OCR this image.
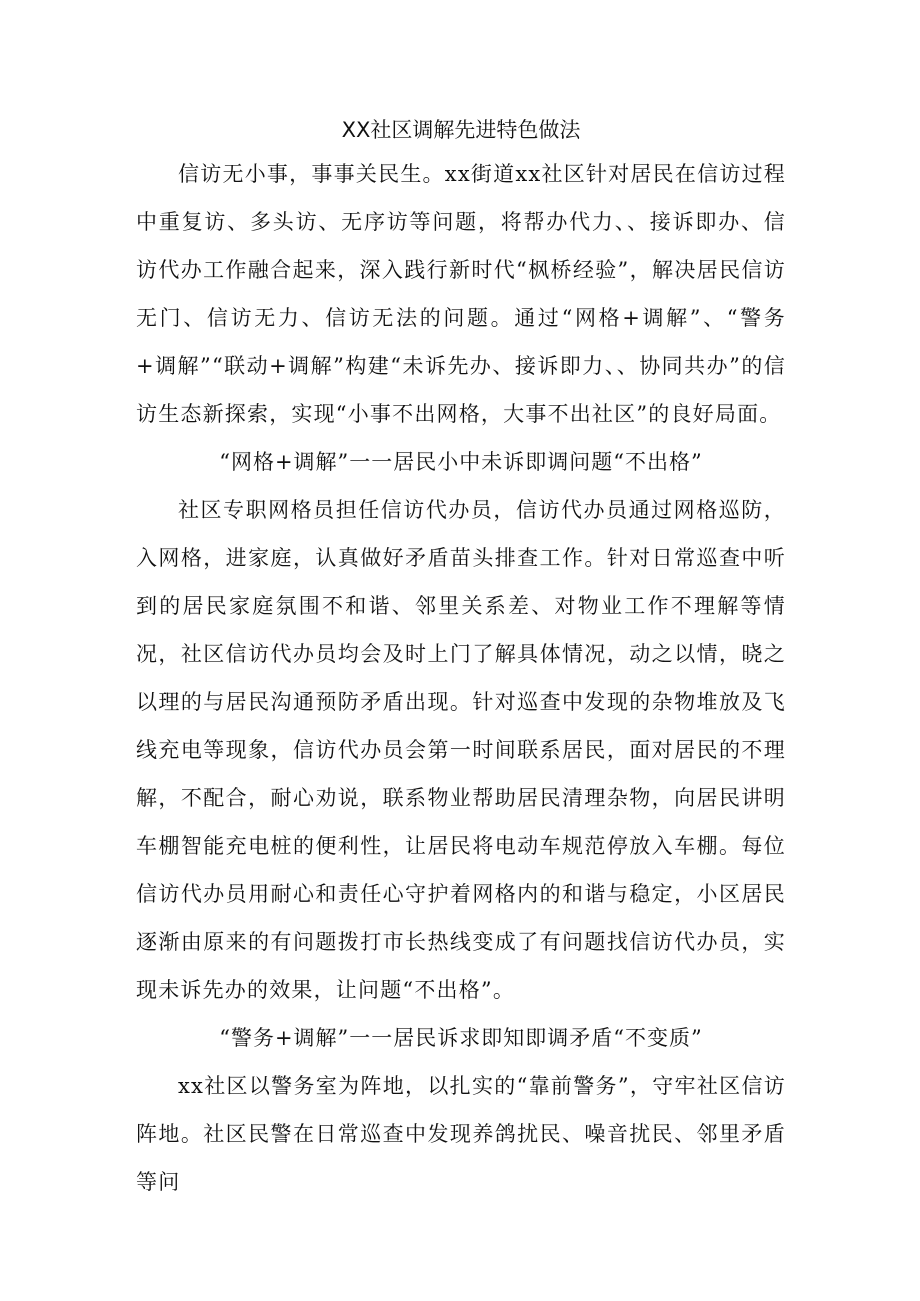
XX社区调解先进特色做法

信访无小事，事事关民生。xx街道xx社区针对居民在信访过程中重复访、多头访、无序访等问题，将帮办代力、、接诉即办、信访代办工作融合起来，深入践行新时代“枫桥经验”，解决居民信访无门、信访无力、信访无法的问题。通过“网格+调解”、“警务+调解”“联动+调解”构建“未诉先办、接诉即力、、协同共办”的信访生态新探索，实现“小事不出网格，大事不出社区”的良好局面。

“网格+调解”一一居民小中未诉即调问题“不出格”

社区专职网格员担任信访代办员，信访代办员通过网格巡防，入网格，进家庭，认真做好矛盾苗头排查工作。针对日常巡查中听到的居民家庭氛围不和谐、邻里关系差、对物业工作不理解等情况，社区信访代办员均会及时上门了解具体情况，动之以情，晓之以理的与居民沟通预防矛盾出现。针对巡查中发现的杂物堆放及飞线充电等现象，信访代办员会第一时间联系居民，面对居民的不理解，不配合，耐心劝说，联系物业帮助居民清理杂物，向居民讲明车棚智能充电桩的便利性，让居民将电动车规范停放入车棚。每位信访代办员用耐心和责任心守护着网格内的和谐与稳定，小区居民逐渐由原来的有问题拨打市长热线变成了有问题找信访代办员，实现未诉先办的效果，让问题“不出格”。

“警务+调解”一一居民诉求即知即调矛盾“不变质”

xx社区以警务室为阵地，以扎实的“靠前警务”，守牢社区信访阵地。社区民警在日常巡查中发现养鸽扰民、噪音扰民、邻里矛盾等问
